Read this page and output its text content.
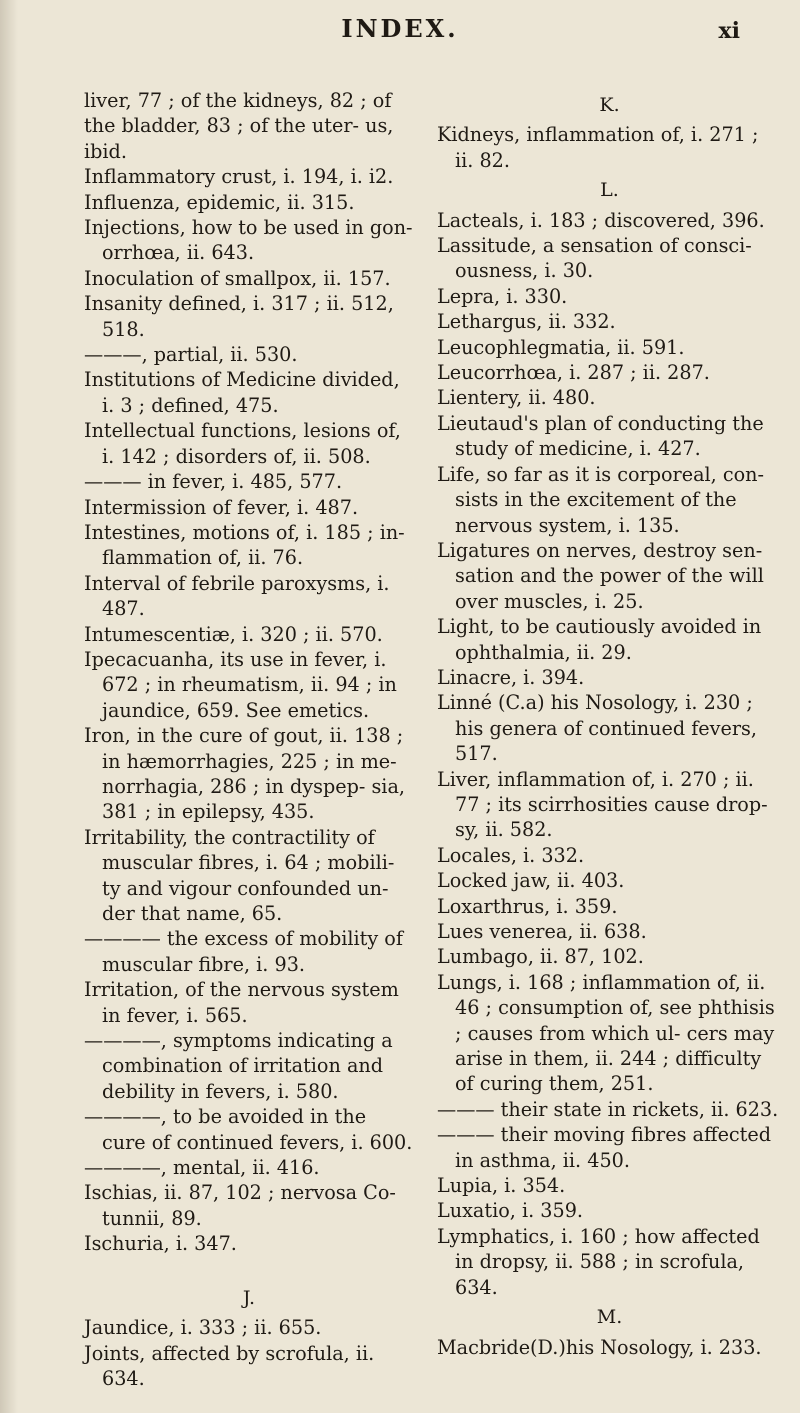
INDEX.	xi
liver, 77 ; of the kidneys, 82 ; of the bladder, 83 ; of the uter- us, ibid.
Inflammatory crust, i. 194, i. i2.
Influenza, epidemic, ii. 315.
Injections, how to be used in gon- orrhœa, ii. 643.
Inoculation of smallpox, ii. 157.
Insanity defined, i. 317 ; ii. 512, 518.
———, partial, ii. 530.
Institutions of Medicine divided, i. 3 ; defined, 475.
Intellectual functions, lesions of, i. 142 ; disorders of, ii. 508.
——— in fever, i. 485, 577.
Intermission of fever, i. 487.
Intestines, motions of, i. 185 ; in- flammation of, ii. 76.
Interval of febrile paroxysms, i. 487.
Intumescentiæ, i. 320 ; ii. 570.
Ipecacuanha, its use in fever, i. 672 ; in rheumatism, ii. 94 ; in jaundice, 659. See emetics.
Iron, in the cure of gout, ii. 138 ; in hæmorrhagies, 225 ; in me- norrhagia, 286 ; in dyspep- sia, 381 ; in epilepsy, 435.
Irritability, the contractility of muscular fibres, i. 64 ; mobili- ty and vigour confounded un- der that name, 65.
———— the excess of mobility of muscular fibre, i. 93.
Irritation, of the nervous system in fever, i. 565.
————, symptoms indicating a combination of irritation and debility in fevers, i. 580.
————, to be avoided in the cure of continued fevers, i. 600.
————, mental, ii. 416.
Ischias, ii. 87, 102 ; nervosa Co- tunnii, 89.
Ischuria, i. 347.
J.
Jaundice, i. 333 ; ii. 655.
Joints, affected by scrofula, ii. 634.
K.
Kidneys, inflammation of, i. 271 ; ii. 82.
L.
Lacteals, i. 183 ; discovered, 396.
Lassitude, a sensation of consci- ousness, i. 30.
Lepra, i. 330.
Lethargus, ii. 332.
Leucophlegmatia, ii. 591.
Leucorrhœa, i. 287 ; ii. 287.
Lientery, ii. 480.
Lieutaud's plan of conducting the study of medicine, i. 427.
Life, so far as it is corporeal, con- sists in the excitement of the nervous system, i. 135.
Ligatures on nerves, destroy sen- sation and the power of the will over muscles, i. 25.
Light, to be cautiously avoided in ophthalmia, ii. 29.
Linacre, i. 394.
Linné (C.a) his Nosology, i. 230 ; his genera of continued fevers, 517.
Liver, inflammation of, i. 270 ; ii. 77 ; its scirrhosities cause drop- sy, ii. 582.
Locales, i. 332.
Locked jaw, ii. 403.
Loxarthrus, i. 359.
Lues venerea, ii. 638.
Lumbago, ii. 87, 102.
Lungs, i. 168 ; inflammation of, ii. 46 ; consumption of, see phthisis ; causes from which ul- cers may arise in them, ii. 244 ; difficulty of curing them, 251.
——— their state in rickets, ii. 623.
——— their moving fibres affected in asthma, ii. 450.
Lupia, i. 354.
Luxatio, i. 359.
Lymphatics, i. 160 ; how affected in dropsy, ii. 588 ; in scrofula, 634.
M.
Macbride(D.)his Nosology, i. 233.
